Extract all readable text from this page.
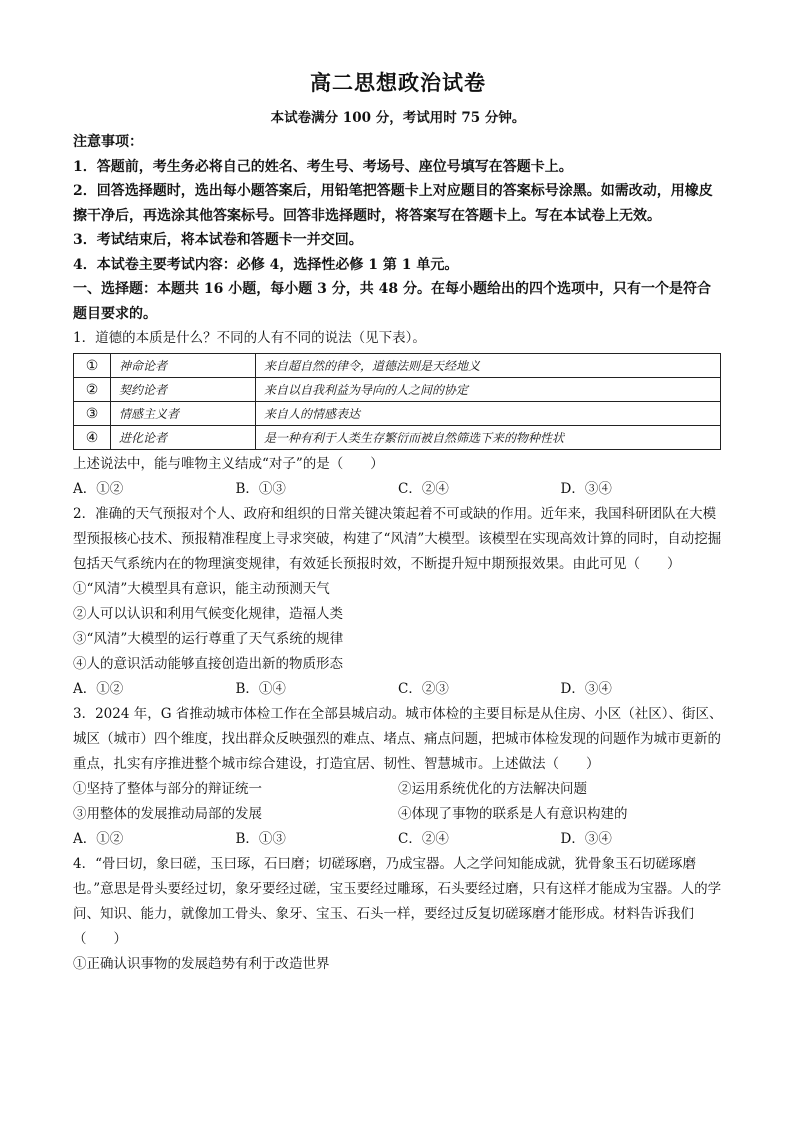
高二思想政治试卷
本试卷满分 100 分，考试用时 75 分钟。
注意事项：
1．答题前，考生务必将自己的姓名、考生号、考场号、座位号填写在答题卡上。
2．回答选择题时，选出每小题答案后，用铅笔把答题卡上对应题目的答案标号涂黑。如需改动，用橡皮擦干净后，再选涂其他答案标号。回答非选择题时，将答案写在答题卡上。写在本试卷上无效。
3．考试结束后，将本试卷和答题卡一并交回。
4．本试卷主要考试内容：必修 4，选择性必修 1 第 1 单元。
一、选择题：本题共 16 小题，每小题 3 分，共 48 分。在每小题给出的四个选项中，只有一个是符合题目要求的。
1．道德的本质是什么？不同的人有不同的说法（见下表）。
①	神命论者	来自超自然的律令，道德法则是天经地义
②	契约论者	来自以自我利益为导向的人之间的协定
③	情感主义者	来自人的情感表达
④	进化论者	是一种有利于人类生存繁衍而被自然筛选下来的物种性状
上述说法中，能与唯物主义结成“对子”的是（　　）
A．①②	B．①③	C．②④	D．③④
2．准确的天气预报对个人、政府和组织的日常关键决策起着不可或缺的作用。近年来，我国科研团队在大模型预报核心技术、预报精准程度上寻求突破，构建了“风清”大模型。该模型在实现高效计算的同时，自动挖掘包括天气系统内在的物理演变规律，有效延长预报时效，不断提升短中期预报效果。由此可见（　　）
①“风清”大模型具有意识，能主动预测天气
②人可以认识和利用气候变化规律，造福人类
③“风清”大模型的运行尊重了天气系统的规律
④人的意识活动能够直接创造出新的物质形态
A．①②	B．①④	C．②③	D．③④
3．2024 年，G 省推动城市体检工作在全部县城启动。城市体检的主要目标是从住房、小区（社区）、街区、城区（城市）四个维度，找出群众反映强烈的难点、堵点、痛点问题，把城市体检发现的问题作为城市更新的重点，扎实有序推进整个城市综合建设，打造宜居、韧性、智慧城市。上述做法（　　）
①坚持了整体与部分的辩证统一	②运用系统优化的方法解决问题
③用整体的发展推动局部的发展	④体现了事物的联系是人有意识构建的
A．①②	B．①③	C．②④	D．③④
4．“骨曰切，象曰磋，玉曰琢，石曰磨；切磋琢磨，乃成宝器。人之学问知能成就，犹骨象玉石切磋琢磨也。”意思是骨头要经过切，象牙要经过磋，宝玉要经过雕琢，石头要经过磨，只有这样才能成为宝器。人的学问、知识、能力，就像加工骨头、象牙、宝玉、石头一样，要经过反复切磋琢磨才能形成。材料告诉我们（　　）
①正确认识事物的发展趋势有利于改造世界
